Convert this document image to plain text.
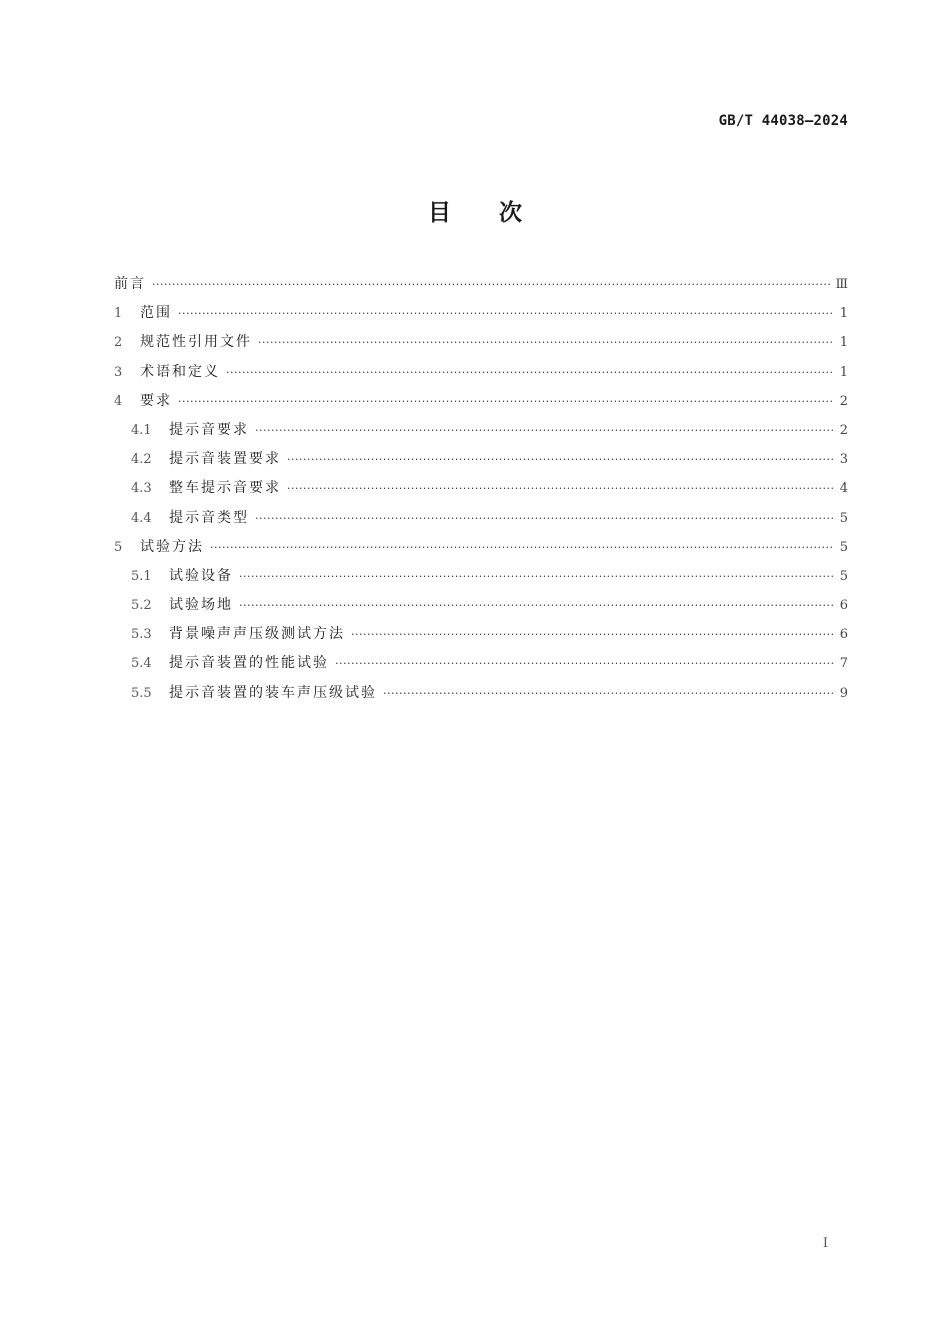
GB/T 44038—2024
目次
前言 ·····	Ⅲ
1	范围 ·····	1
2	规范性引用文件 ·····	1
3	术语和定义 ·····	1
4	要求 ·····	2
4.1	提示音要求 ·····	2
4.2	提示音装置要求 ·····	3
4.3	整车提示音要求 ·····	4
4.4	提示音类型 ·····	5
5	试验方法 ·····	5
5.1	试验设备 ·····	5
5.2	试验场地 ·····	6
5.3	背景噪声声压级测试方法 ·····	6
5.4	提示音装置的性能试验 ·····	7
5.5	提示音装置的装车声压级试验 ·····	9
Ⅰ
